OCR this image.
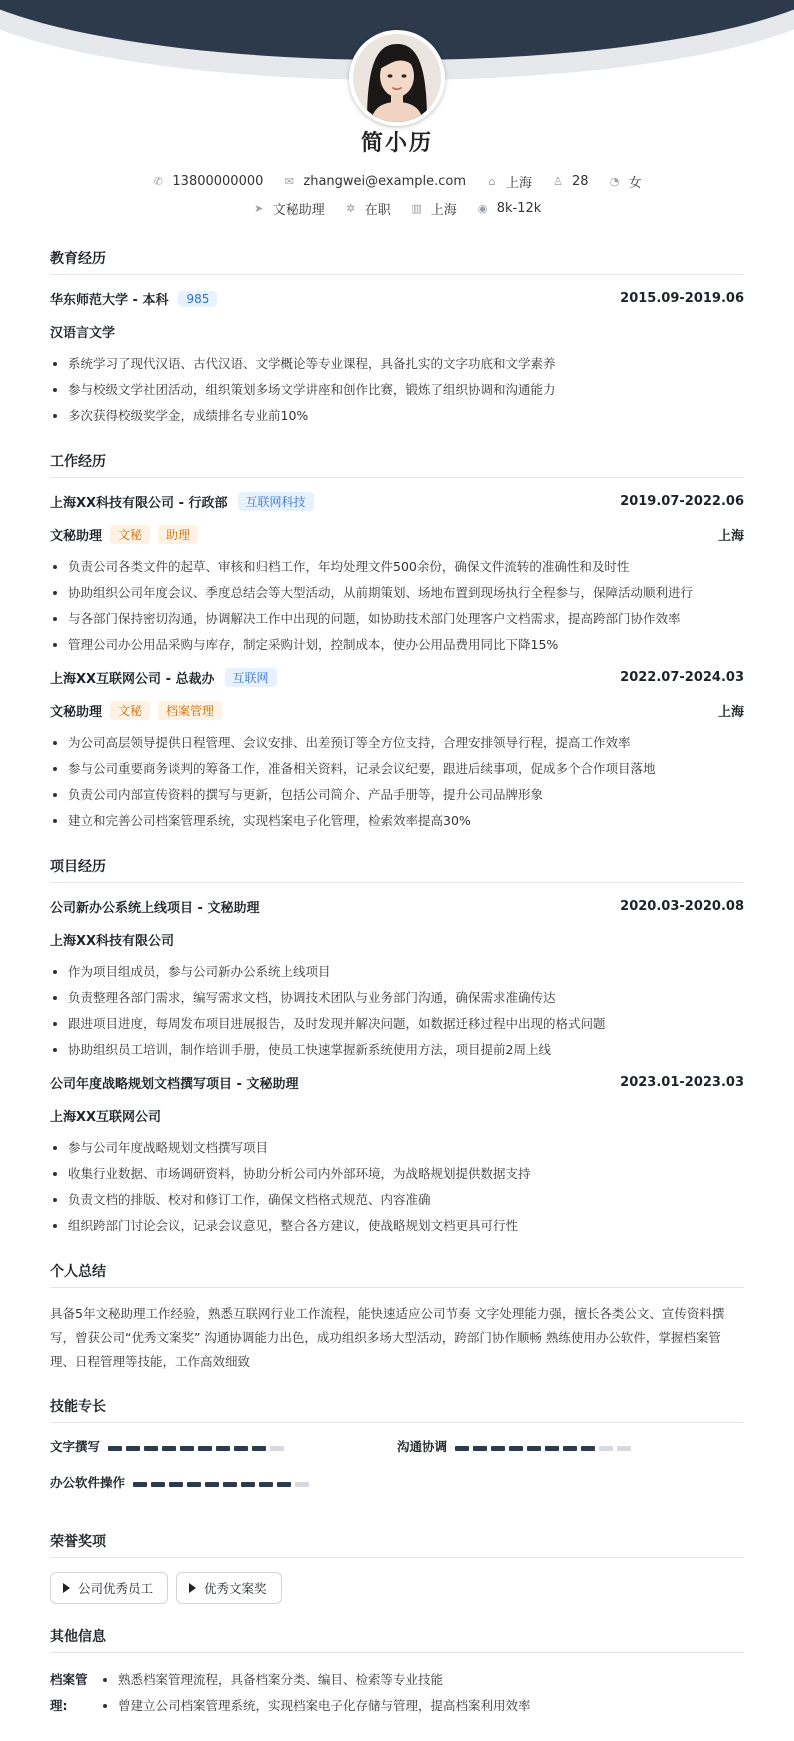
简小历
✆ 13800000000 ✉ zhangwei@example.com ⌂ 上海 ♙ 28 ◔ 女
➤ 文秘助理 ✲ 在职 ▥ 上海 ◉ 8k-12k
教育经历
华东师范大学 - 本科	985	2015.09-2019.06
汉语言文学
系统学习了现代汉语、古代汉语、文学概论等专业课程，具备扎实的文字功底和文学素养
参与校级文学社团活动，组织策划多场文学讲座和创作比赛，锻炼了组织协调和沟通能力
多次获得校级奖学金，成绩排名专业前10%
工作经历
上海XX科技有限公司 - 行政部	互联网科技	2019.07-2022.06
文秘助理	文秘	助理	上海
负责公司各类文件的起草、审核和归档工作，年均处理文件500余份，确保文件流转的准确性和及时性
协助组织公司年度会议、季度总结会等大型活动，从前期策划、场地布置到现场执行全程参与，保障活动顺利进行
与各部门保持密切沟通，协调解决工作中出现的问题，如协助技术部门处理客户文档需求，提高跨部门协作效率
管理公司办公用品采购与库存，制定采购计划，控制成本，使办公用品费用同比下降15%
上海XX互联网公司 - 总裁办	互联网	2022.07-2024.03
文秘助理	文秘	档案管理	上海
为公司高层领导提供日程管理、会议安排、出差预订等全方位支持，合理安排领导行程，提高工作效率
参与公司重要商务谈判的筹备工作，准备相关资料，记录会议纪要，跟进后续事项，促成多个合作项目落地
负责公司内部宣传资料的撰写与更新，包括公司简介、产品手册等，提升公司品牌形象
建立和完善公司档案管理系统，实现档案电子化管理，检索效率提高30%
项目经历
公司新办公系统上线项目 - 文秘助理	2020.03-2020.08
上海XX科技有限公司
作为项目组成员，参与公司新办公系统上线项目
负责整理各部门需求，编写需求文档，协调技术团队与业务部门沟通，确保需求准确传达
跟进项目进度，每周发布项目进展报告，及时发现并解决问题，如数据迁移过程中出现的格式问题
协助组织员工培训，制作培训手册，使员工快速掌握新系统使用方法，项目提前2周上线
公司年度战略规划文档撰写项目 - 文秘助理	2023.01-2023.03
上海XX互联网公司
参与公司年度战略规划文档撰写项目
收集行业数据、市场调研资料，协助分析公司内外部环境，为战略规划提供数据支持
负责文档的排版、校对和修订工作，确保文档格式规范、内容准确
组织跨部门讨论会议，记录会议意见，整合各方建议，使战略规划文档更具可行性
个人总结
具备5年文秘助理工作经验，熟悉互联网行业工作流程，能快速适应公司节奏 文字处理能力强，擅长各类公文、宣传资料撰写，曾获公司“优秀文案奖” 沟通协调能力出色，成功组织多场大型活动，跨部门协作顺畅 熟练使用办公软件，掌握档案管理、日程管理等技能，工作高效细致
技能专长
文字撰写	沟通协调
办公软件操作
荣誉奖项
公司优秀员工	优秀文案奖
其他信息
档案管理:
熟悉档案管理流程，具备档案分类、编目、检索等专业技能
曾建立公司档案管理系统，实现档案电子化存储与管理，提高档案利用效率
